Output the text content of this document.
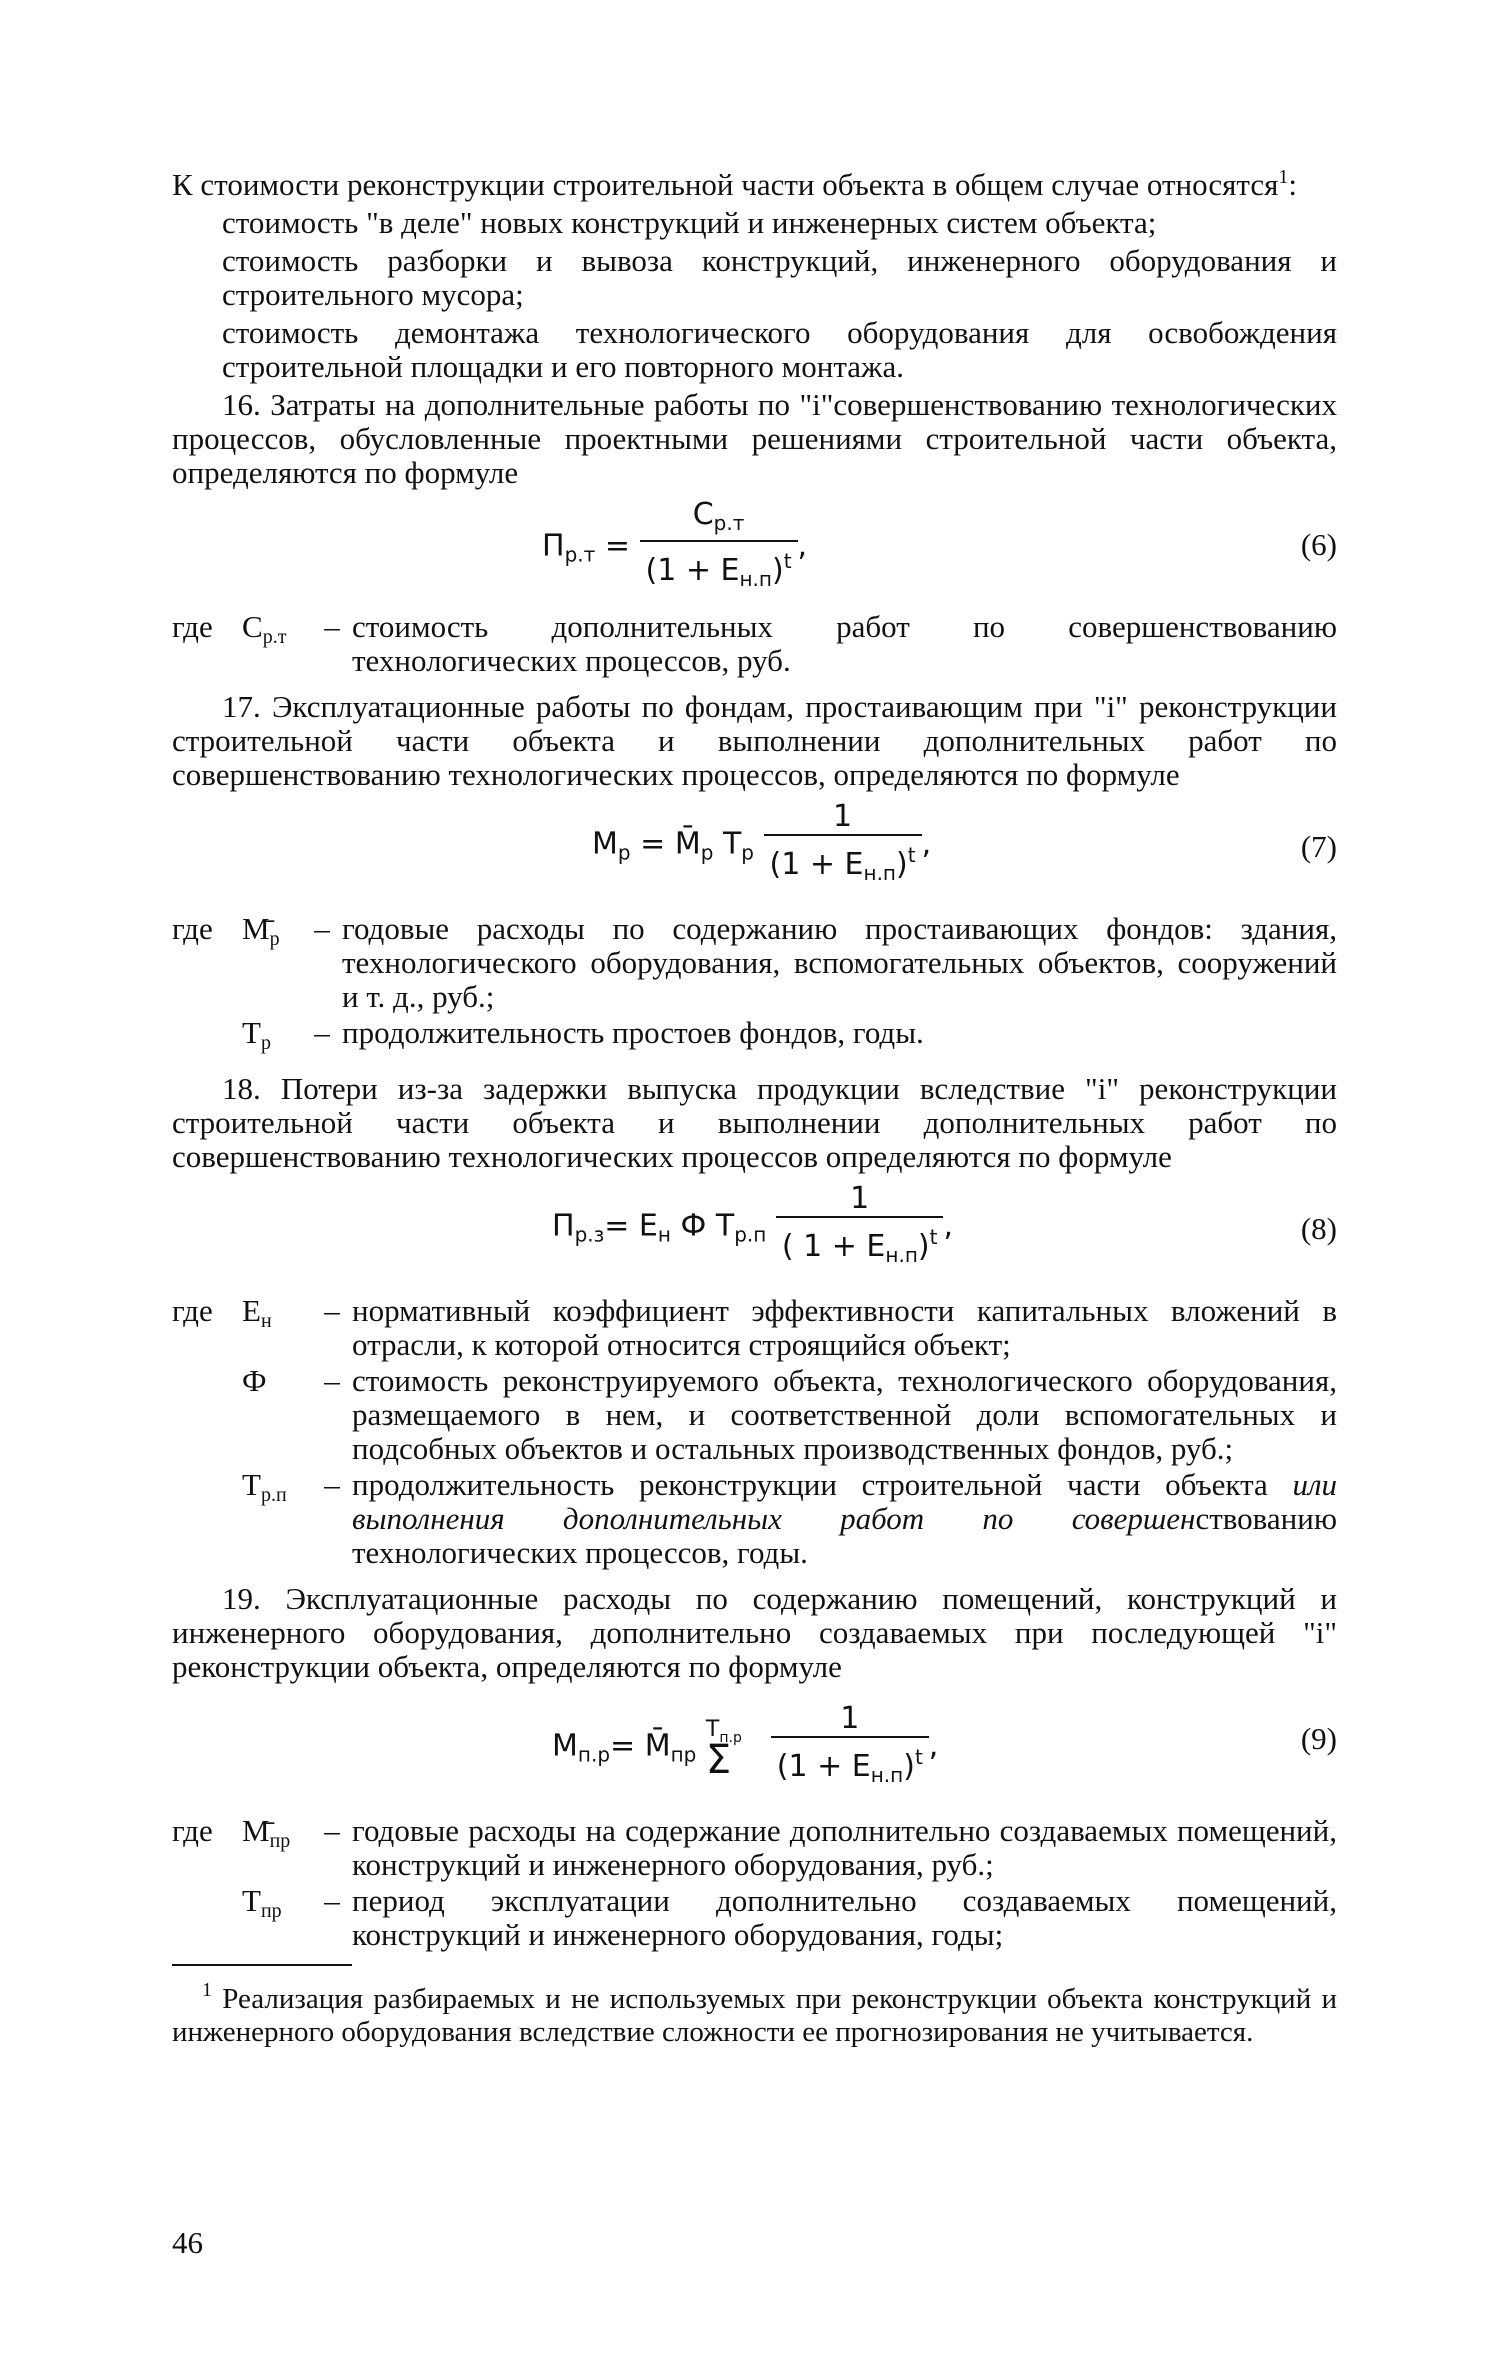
К стоимости реконструкции строительной части объекта в общем случае относятся$^1$:

стоимость "в деле" новых конструкций и инженерных систем объекта;

стоимость разборки и вывоза конструкций, инженерного оборудования и строительного мусора;

стоимость демонтажа технологического оборудования для освобождения строительной площадки и его повторного монтажа.

16. Затраты на дополнительные работы по "i"совершенствованию технологических процессов, обусловленные проектными решениями строительной части объекта, определяются по формуле

$П_{р.т} = \frac{C_{р.т}}{(1 + E_{н.п})^t}$ ,	(6)
где	$С_{р.т}$	–	стоимость дополнительных работ по совершенствованию технологических процессов, руб.

17. Эксплуатационные работы по фондам, простаивающим при "i" реконструкции строительной части объекта и выполнении дополнительных работ по совершенствованию технологических процессов, определяются по формуле

$М_р$ = $М̄_р$ $Т_р \frac{1}{(1 + E_{н.п})^t}$ ,	(7)
где	$М̄_р$	–	годовые расходы по содержанию простаивающих фондов: здания, технологического оборудования, вспомогательных объектов, сооружений и т. д., руб.;
	$Т_р$	–	продолжительность простоев фондов, годы.

18. Потери из-за задержки выпуска продукции вследствие "i" реконструкции строительной части объекта и выполнении дополнительных работ по совершенствованию технологических процессов определяются по формуле

$П_{р.з}= E_н$ Ф $Т_{р.п} \frac{1}{( 1 + E_{н.п})^t}$ ,	(8)
где	$Е_н$	–	нормативный коэффициент эффективности капитальных вложений в отрасли, к которой относится строящийся объект;
	Ф	–	стоимость реконструируемого объекта, технологического оборудования, размещаемого в нем, и соответственной доли вспомогательных и подсобных объектов и остальных производственных фондов, руб.;
	$Т_{р.п}$	–	продолжительность реконструкции строительной части объекта или выполнения дополнительных работ по совершенствованию технологических процессов, годы.

19. Эксплуатационные расходы по содержанию помещений, конструкций и инженерного оборудования, дополнительно создаваемых при последующей "i" реконструкции объекта, определяются по формуле

$М_{п.р}=$ $М̄_{пр}$
$Т_{п.р}$
Σ $\frac{1}{(1 + E_{н.п})^t}$ ,	(9)
где	$М̄_{пр}$	–	годовые расходы на содержание дополнительно создаваемых помещений, конструкций и инженерного оборудования, руб.;
	$Т_{пр}$	–	период эксплуатации дополнительно создаваемых помещений, конструкций и инженерного оборудования, годы;

$^1$ Реализация разбираемых и не используемых при реконструкции объекта конструкций и инженерного оборудования вследствие сложности ее прогнозирования не учитывается.

46
